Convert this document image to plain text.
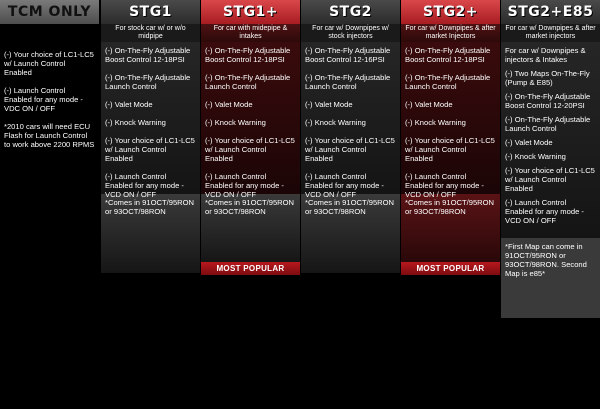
TCM ONLY

(-) Your choice of LC1-LC5 w/ Launch Control Enabled

(-) Launch Control Enabled for any mode - VDC ON / OFF

*2010 cars will need ECU Flash for Launch Control to work above 2200 RPMS

STG1
For stock car w/ or w/o midpipe

(-) On-The-Fly Adjustable Boost Control 12-18PSI

(-) On-The-Fly Adjustable Launch Control

(-) Valet Mode

(-) Knock Warning

(-) Your choice of LC1-LC5 w/ Launch Control Enabled

(-) Launch Control Enabled for any mode -VCD ON / OFF

*Comes in 91OCT/95RON or 93OCT/98RON
STG1+
For car with midepipe & intakes

(-) On-The-Fly Adjustable Boost Control 12-18PSI

(-) On-The-Fly Adjustable Launch Control

(-) Valet Mode

(-) Knock Warning

(-) Your choice of LC1-LC5 w/ Launch Control Enabled

(-) Launch Control Enabled for any mode -VCD ON / OFF

*Comes in 91OCT/95RON or 93OCT/98RON
MOST POPULAR
STG2
For car w/ Downpipes w/ stock injectors

(-) On-The-Fly Adjustable Boost Control 12-16PSI

(-) On-The-Fly Adjustable Launch Control

(-) Valet Mode

(-) Knock Warning

(-) Your choice of LC1-LC5 w/ Launch Control Enabled

(-) Launch Control Enabled for any mode -VCD ON / OFF

*Comes in 91OCT/95RON or 93OCT/98RON
STG2+
For car w/ Downpipes & after market Injectors

(-) On-The-Fly Adjustable Boost Control 12-18PSI

(-) On-The-Fly Adjustable Launch Control

(-) Valet Mode

(-) Knock Warning

(-) Your choice of LC1-LC5 w/ Launch Control Enabled

(-) Launch Control Enabled for any mode -VCD ON / OFF

*Comes in 91OCT/95RON or 93OCT/98RON
MOST POPULAR
STG2+E85
For car w/ Downpipes & after market injectors

For car w/ Downpipes & injectors & Intakes

(-) Two Maps On-The-Fly (Pump & E85)

(-) On-The-Fly Adjustable Boost Control 12-20PSI

(-) On-The-Fly Adjustable Launch Control

(-) Valet Mode

(-) Knock Warning

(-) Your choice of LC1-LC5 w/ Launch Control Enabled

(-) Launch Control Enabled for any mode -VCD ON / OFF

*First Map can come in 91OCT/95RON or 93OCT/98RON. Second Map is e85*
